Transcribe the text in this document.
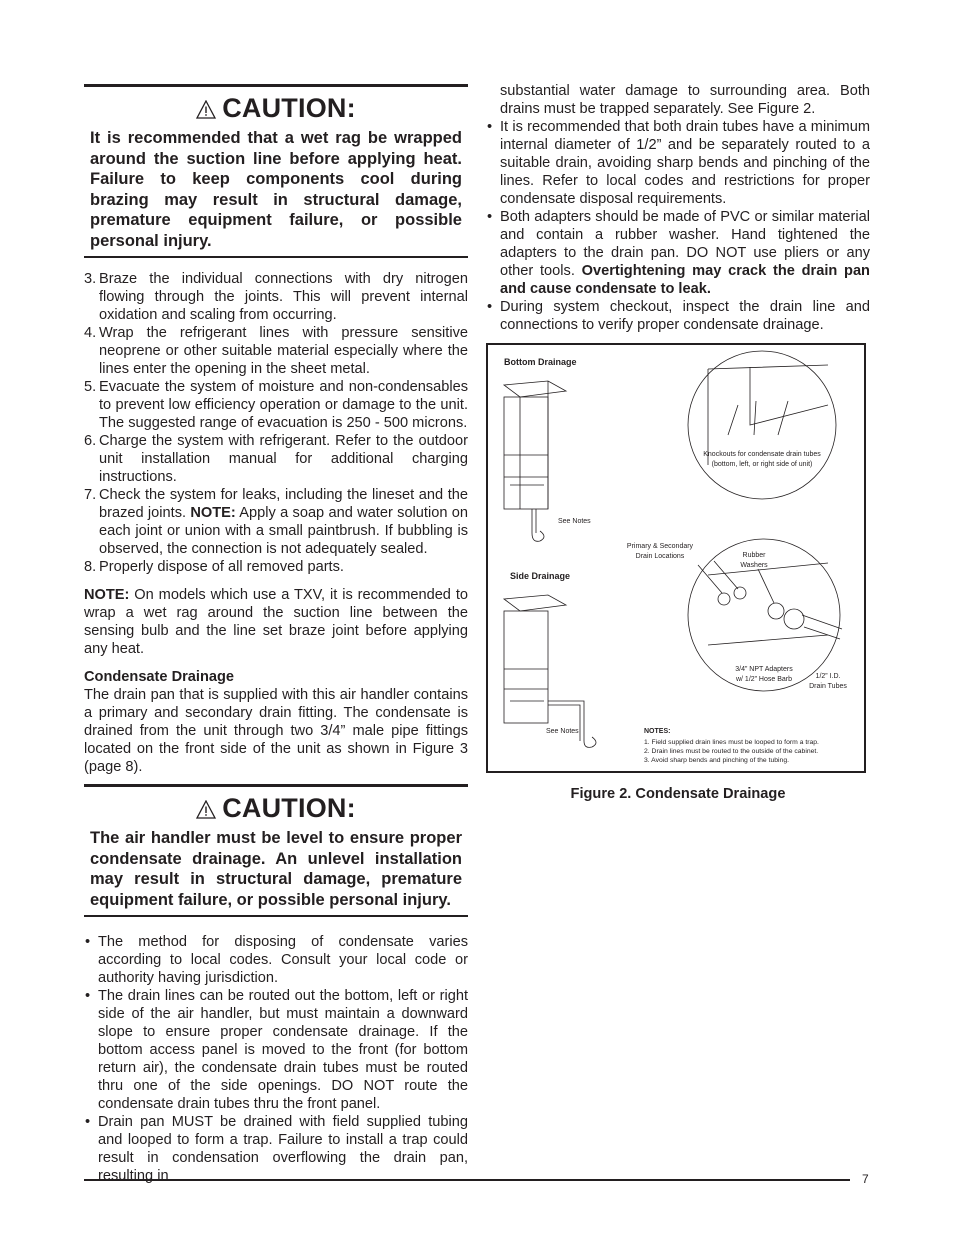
CAUTION:

It is recommended that a wet rag be wrapped around the suction line before applying heat. Failure to keep components cool during brazing may result in structural damage, premature equipment failure, or possible personal injury.

3. Braze the individual connections with dry nitrogen flowing through the joints. This will prevent internal oxidation and scaling from occurring.
4. Wrap the refrigerant lines with pressure sensitive neoprene or other suitable material especially where the lines enter the opening in the sheet metal.
5. Evacuate the system of moisture and non-condensables to prevent low efficiency operation or damage to the unit. The suggested range of evacuation is 250 - 500 microns.
6. Charge the system with refrigerant. Refer to the outdoor unit installation manual for additional charging instructions.
7. Check the system for leaks, including the lineset and the brazed joints. NOTE: Apply a soap and water solution on each joint or union with a small paintbrush. If bubbling is observed, the connection is not adequately sealed.
8. Properly dispose of all removed parts.

NOTE: On models which use a TXV, it is recommended to wrap a wet rag around the suction line between the sensing bulb and the line set braze joint before applying any heat.

Condensate Drainage

The drain pan that is supplied with this air handler contains a primary and secondary drain fitting. The condensate is drained from the unit through two 3/4” male pipe fittings located on the front side of the unit as shown in Figure 3 (page 8).

CAUTION:

The air handler must be level to ensure proper condensate drainage. An unlevel installation may result in structural damage, premature equipment failure, or possible personal injury.

• The method for disposing of condensate varies according to local codes. Consult your local code or authority having jurisdiction.
• The drain lines can be routed out the bottom, left or right side of the air handler, but must maintain a downward slope to ensure proper condensate drainage. If the bottom access panel is moved to the front (for bottom return air), the condensate drain tubes must be routed thru one of the side openings. DO NOT route the condensate drain tubes thru the front panel.
• Drain pan MUST be drained with field supplied tubing and looped to form a trap. Failure to install a trap could result in condensation overflowing the drain pan, resulting in

substantial water damage to surrounding area. Both drains must be trapped separately. See Figure 2.

• It is recommended that both drain tubes have a minimum internal diameter of 1/2” and be separately routed to a suitable drain, avoiding sharp bends and pinching of the lines. Refer to local codes and restrictions for proper condensate disposal requirements.
• Both adapters should be made of PVC or similar material and contain a rubber washer. Hand tightened the adapters to the drain pan. DO NOT use pliers or any other tools. Overtightening may crack the drain pan and cause condensate to leak.
• During system checkout, inspect the drain line and connections to verify proper condensate drainage.
Bottom Drainage
See Notes
Knockouts for condensate drain tubes
(bottom, left, or right side of unit)
Primary & Secondary
Drain Locations	Rubber
Washers
Side Drainage
3/4” NPT Adapters
w/ 1/2” Hose Barb	1/2” I.D.
Drain Tubes
See Notes	NOTES:
1. Field supplied drain lines must be looped to form a trap.
2. Drain lines must be routed to the outside of the cabinet.
3. Avoid sharp bends and pinching of the tubing.
Figure 2. Condensate Drainage
7
